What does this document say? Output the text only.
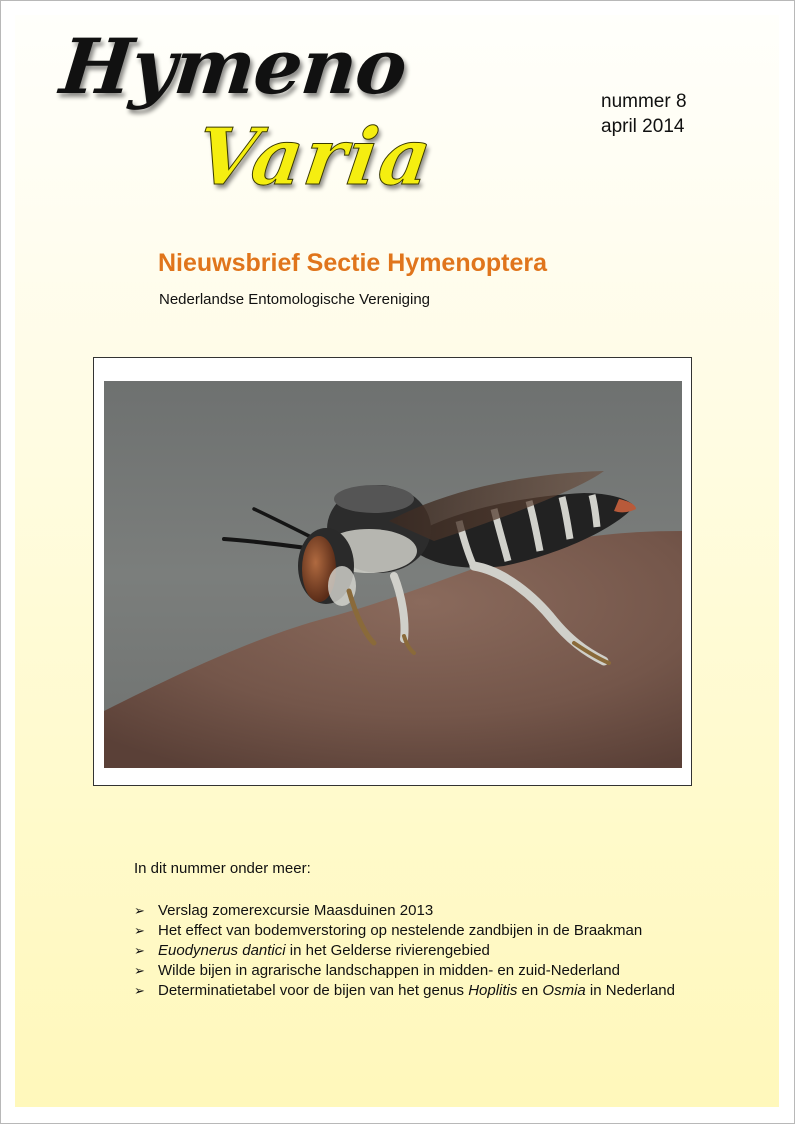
Hymeno
Varia
nummer 8
april 2014
Nieuwsbrief Sectie Hymenoptera
Nederlandse Entomologische Vereniging
In dit nummer onder meer:
➢ Verslag zomerexcursie Maasduinen 2013
➢ Het effect van bodemverstoring op nestelende zandbijen in de Braakman
➢ Euodynerus dantici in het Gelderse rivierengebied
➢ Wilde bijen in agrarische landschappen in midden- en zuid-Nederland
➢ Determinatietabel voor de bijen van het genus Hoplitis en Osmia in Nederland
